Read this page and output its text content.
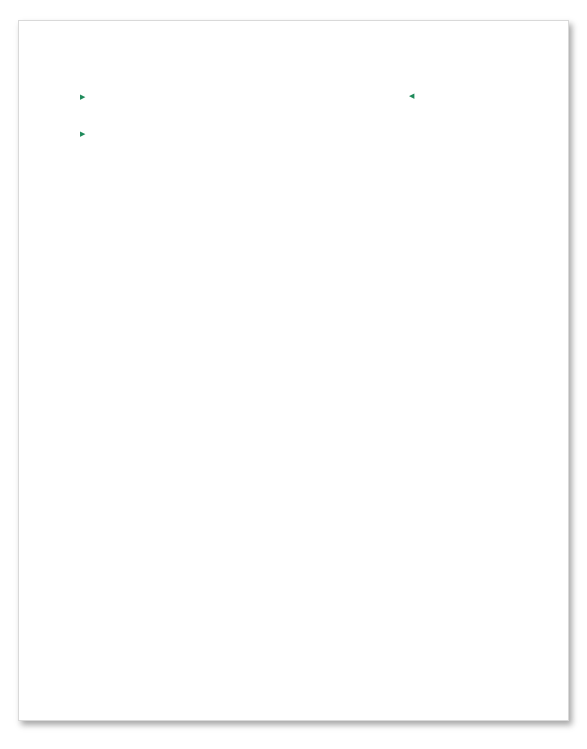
▶	◀

▶
